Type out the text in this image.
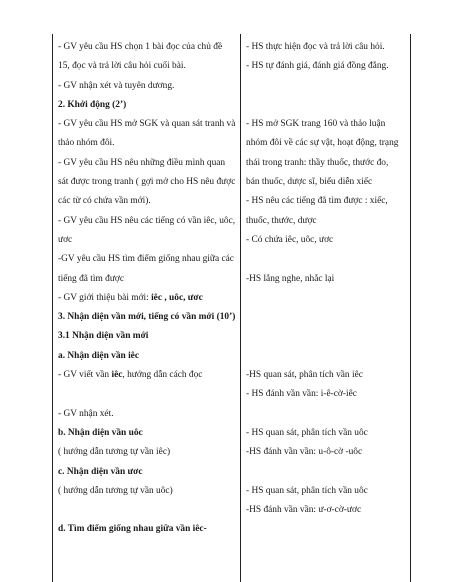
- GV yêu cầu HS chọn 1 bài đọc của chủ đề 15, đọc và trả lời câu hỏi cuối bài.

- GV nhận xét và tuyên dương.

2. Khởi động (2’)

- GV yêu cầu HS mở SGK và quan sát tranh và thảo nhóm đôi.

- GV yêu cầu HS nêu những điều mình quan sát được trong tranh ( gợi mở cho HS nêu được các từ có chứa vần mới).

- GV yêu cầu HS nêu các tiếng có vần iêc, uôc, ươc

-GV yêu cầu HS tìm điểm giống nhau giữa các tiếng đã tìm được

- GV giới thiệu bài mới: iêc , uôc, ươc

3. Nhận diện vần mới, tiếng có vần mới (10’)

3.1 Nhận diện vần mới

a. Nhận diện vần iêc

- GV viết vần iêc, hướng dẫn cách đọc

- GV nhận xét.

b. Nhận diện vần uôc

( hướng dẫn tương tự vần iêc)

c. Nhận diện vần ươc

( hướng dẫn tương tự vần uôc)

d. Tìm điểm giống nhau giữa vần iêc-

- HS thực hiện đọc và trả lời câu hỏi.

- HS tự đánh giá, đánh giá đồng đẳng.

- HS mở SGK trang 160 và thảo luận nhóm đôi về các sự vật, hoạt động, trạng thái trong tranh: thầy thuốc, thước đo, bán thuốc, dược sĩ, biểu diễn xiếc

- HS nêu các tiếng đã tìm được : xiếc, thuốc, thước, dược

- Có chứa iêc, uôc, ươc

-HS lắng nghe, nhắc lại

-HS quan sát, phân tích vần iêc

- HS đánh vần vần: i-ê-cờ-iêc

- HS quan sát, phân tích vần uôc

-HS đánh vần vần: u-ô-cờ -uôc

- HS quan sát, phân tích vần uôc

-HS đánh vần vần: ư-ơ-cờ-ươc
